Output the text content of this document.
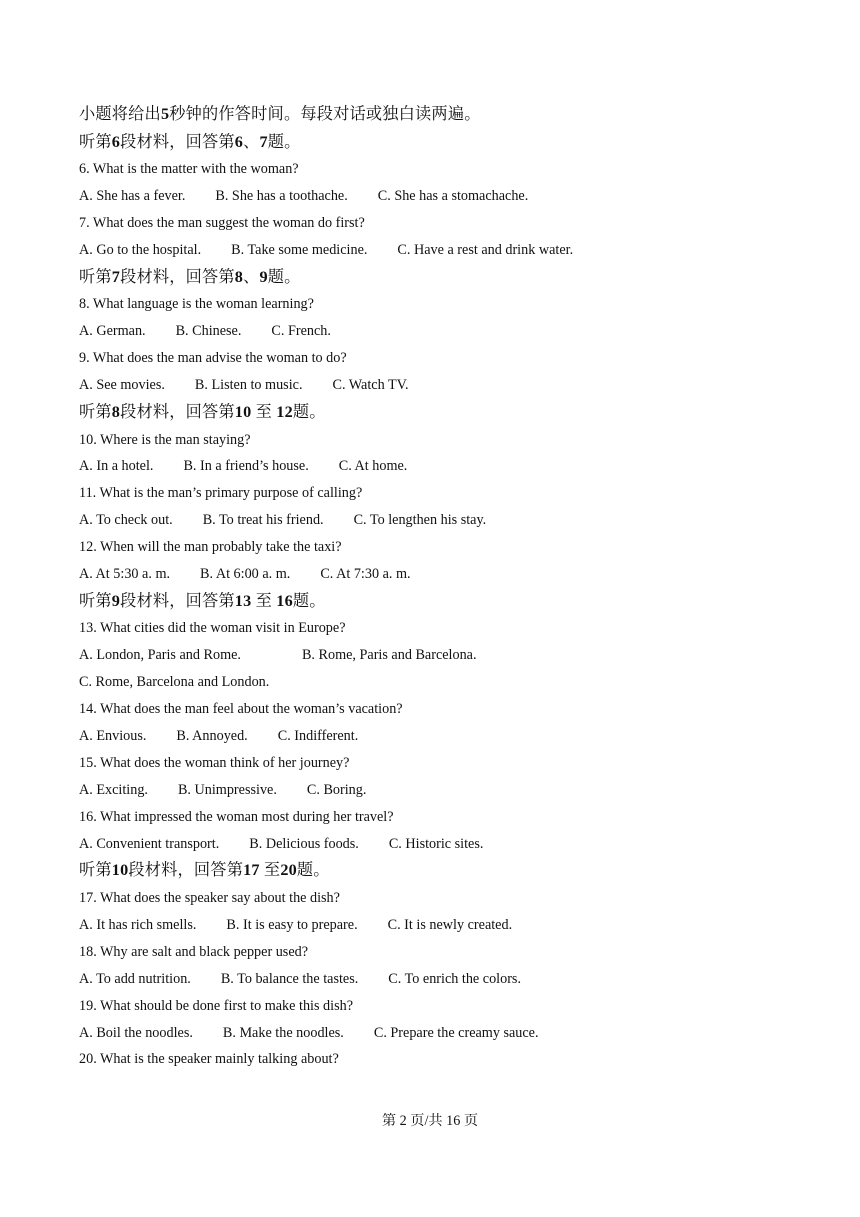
小题将给出5秒钟的作答时间。每段对话或独白读两遍。
听第6段材料，回答第6、7题。
6. What is the matter with the woman?
A. She has a fever. B. She has a toothache. C. She has a stomachache.
7. What does the man suggest the woman do first?
A. Go to the hospital. B. Take some medicine. C. Have a rest and drink water.
听第7段材料，回答第8、9题。
8. What language is the woman learning?
A. German. B. Chinese. C. French.
9. What does the man advise the woman to do?
A. See movies. B. Listen to music. C. Watch TV.
听第8段材料，回答第10 至 12题。
10. Where is the man staying?
A. In a hotel. B. In a friend’s house. C. At home.
11. What is the man’s primary purpose of calling?
A. To check out. B. To treat his friend. C. To lengthen his stay.
12. When will the man probably take the taxi?
A. At 5:30 a. m. B. At 6:00 a. m. C. At 7:30 a. m.
听第9段材料，回答第13 至 16题。
13. What cities did the woman visit in Europe?
A. London, Paris and Rome.	B. Rome, Paris and Barcelona.
C. Rome, Barcelona and London.
14. What does the man feel about the woman’s vacation?
A. Envious. B. Annoyed. C. Indifferent.
15. What does the woman think of her journey?
A. Exciting. B. Unimpressive. C. Boring.
16. What impressed the woman most during her travel?
A. Convenient transport. B. Delicious foods. C. Historic sites.
听第10段材料，回答第17 至20题。
17. What does the speaker say about the dish?
A. It has rich smells. B. It is easy to prepare. C. It is newly created.
18. Why are salt and black pepper used?
A. To add nutrition. B. To balance the tastes. C. To enrich the colors.
19. What should be done first to make this dish?
A. Boil the noodles. B. Make the noodles. C. Prepare the creamy sauce.
20. What is the speaker mainly talking about?
第 2 页/共 16 页
